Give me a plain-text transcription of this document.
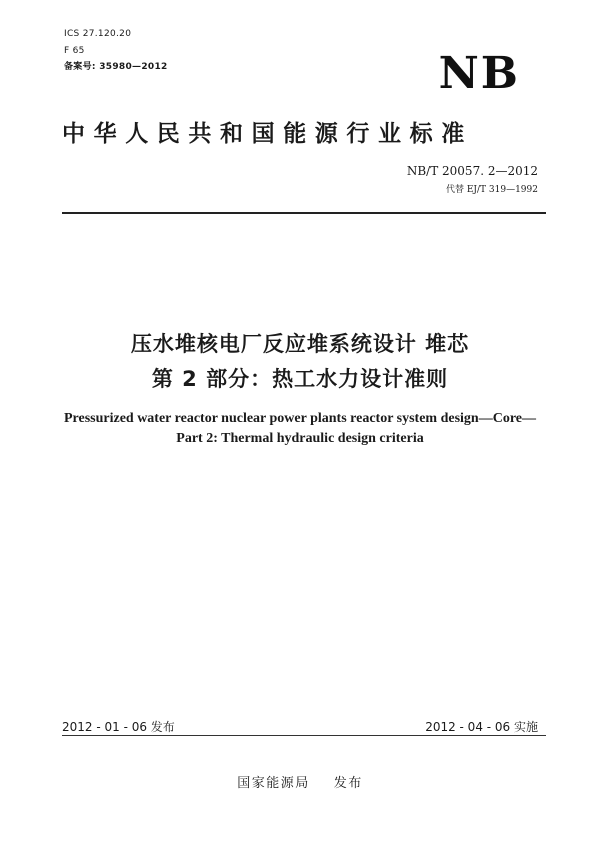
ICS 27.120.20
F 65
备案号: 35980—2012	NB
中华人民共和国能源行业标准
NB/T 20057. 2—2012
代替 EJ/T 319—1992
压水堆核电厂反应堆系统设计 堆芯
第 2 部分：热工水力设计准则
Pressurized water reactor nuclear power plants reactor system design—Core—
Part 2: Thermal hydraulic design criteria
2012 - 01 - 06 发布	2012 - 04 - 06 实施
国家能源局 发布
